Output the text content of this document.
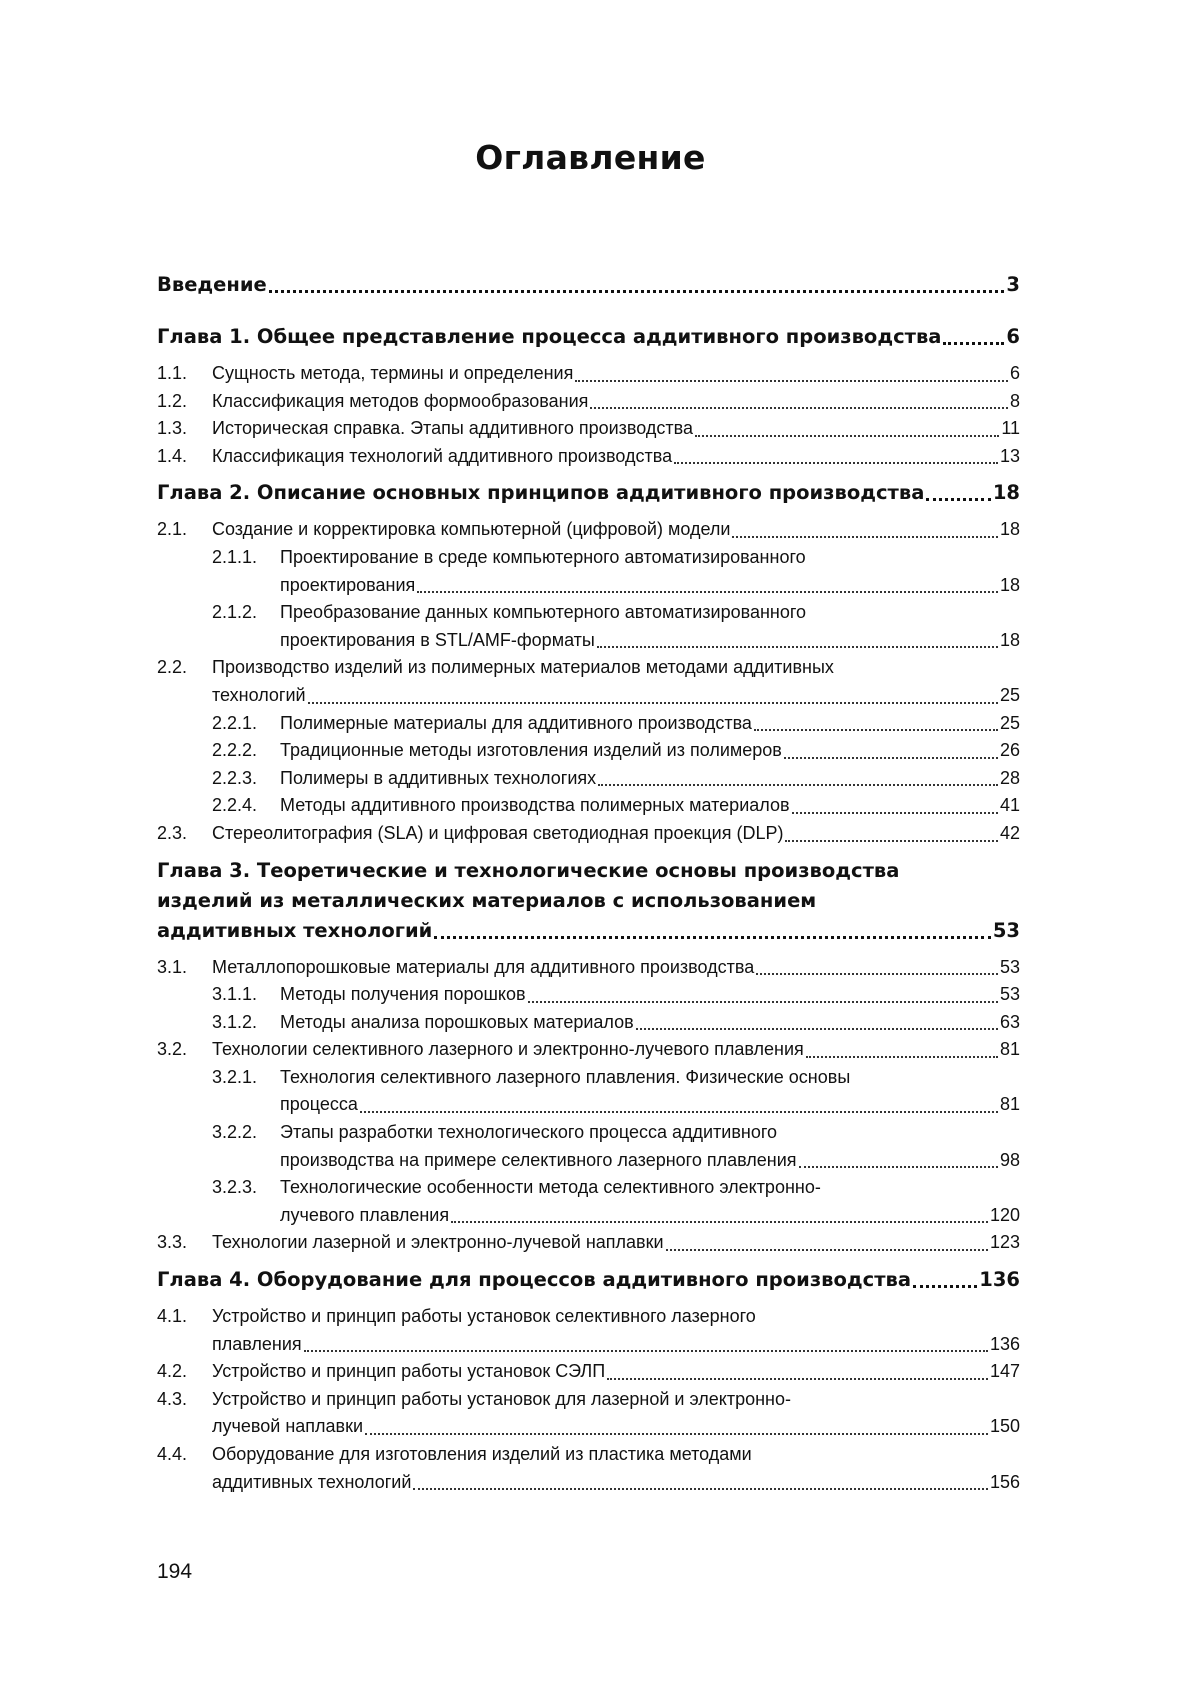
Оглавление
Введение	3
Глава 1. Общее представление процесса аддитивного производства	6
1.1.	Сущность метода, термины и определения	6
1.2.	Классификация методов формообразования	8
1.3.	Историческая справка. Этапы аддитивного производства	11
1.4.	Классификация технологий аддитивного производства	13
Глава 2. Описание основных принципов аддитивного производства	18
2.1.	Создание и корректировка компьютерной (цифровой) модели	18
2.1.1.	Проектирование в среде компьютерного автоматизированного
проектирования	18
2.1.2.	Преобразование данных компьютерного автоматизированного
проектирования в STL/AMF-форматы	18
2.2.	Производство изделий из полимерных материалов методами аддитивных
технологий	25
2.2.1.	Полимерные материалы для аддитивного производства	25
2.2.2.	Традиционные методы изготовления изделий из полимеров	26
2.2.3.	Полимеры в аддитивных технологиях	28
2.2.4.	Методы аддитивного производства полимерных материалов	41
2.3.	Стереолитография (SLA) и цифровая светодиодная проекция (DLP)	42
Глава 3. Теоретические и технологические основы производства
изделий из металлических материалов с использованием
аддитивных технологий	53
3.1.	Металлопорошковые материалы для аддитивного производства	53
3.1.1.	Методы получения порошков	53
3.1.2.	Методы анализа порошковых материалов	63
3.2.	Технологии селективного лазерного и электронно-лучевого плавления	81
3.2.1.	Технология селективного лазерного плавления. Физические основы
процесса	81
3.2.2.	Этапы разработки технологического процесса аддитивного
производства на примере селективного лазерного плавления	98
3.2.3.	Технологические особенности метода селективного электронно-
лучевого плавления	120
3.3.	Технологии лазерной и электронно-лучевой наплавки	123
Глава 4. Оборудование для процессов аддитивного производства	136
4.1.	Устройство и принцип работы установок селективного лазерного
плавления	136
4.2.	Устройство и принцип работы установок СЭЛП	147
4.3.	Устройство и принцип работы установок для лазерной и электронно-
лучевой наплавки	150
4.4.	Оборудование для изготовления изделий из пластика методами
аддитивных технологий	156
194
